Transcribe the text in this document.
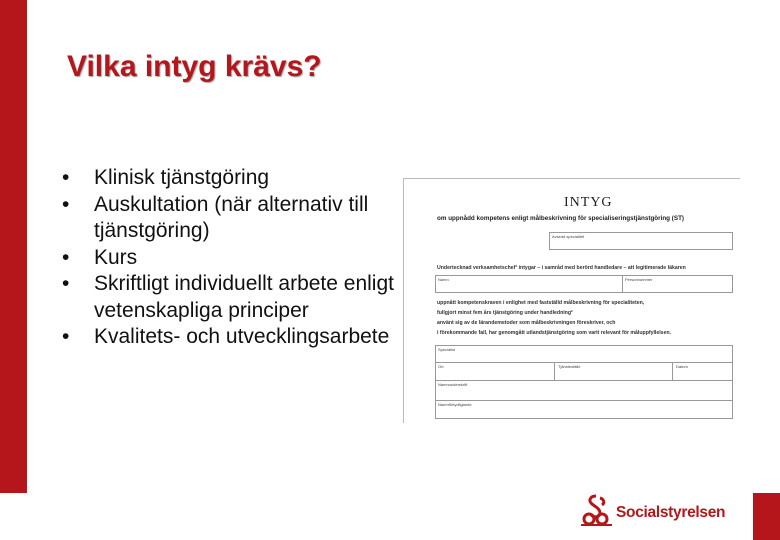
Vilka intyg krävs?
• Klinisk tjänstgöring
• Auskultation (när alternativ till tjänstgöring)
• Kurs
• Skriftligt individuellt arbete enligt vetenskapliga principer
• Kvalitets- och utvecklingsarbete
INTYG
om uppnådd kompetens enligt målbeskrivning för specialiseringstjänstgöring (ST)
Avsedd specialitet
Undertecknad verksamhetschef¹ intygar – i samråd med berörd handledare – att legitimerade läkaren
Namn	Personnummer
uppnått kompetenskraven i enlighet med fastställd målbeskrivning för specialiteten,
fullgjort minst fem års tjänstgöring under handledning²
använt sig av de lärandemetoder som målbeskrivningen föreskriver, och
i förekommande fall, har genomgått utlandstjänstgöring som varit relevant för måluppfyllelsen.
Specialist
Ort	Tjänsteställe	Datum
Namnunderskrift
Namnförtydligande
Socialstyrelsen
